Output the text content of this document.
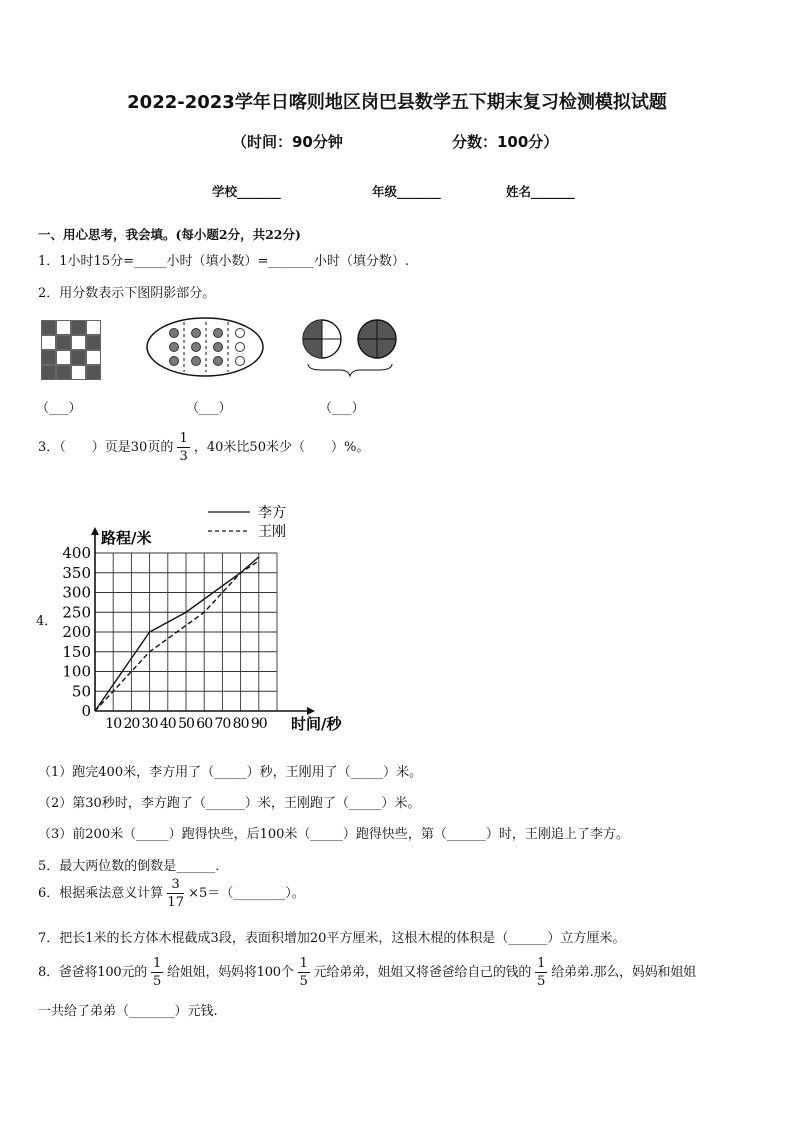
2022-2023学年日喀则地区岗巴县数学五下期末复习检测模拟试题
（时间：90分钟	分数：100分）
学校_______	年级_______	姓名_______
一、用心思考，我会填。(每小题2分，共22分)
1．1小时15分=_____小时（填小数）=_______小时（填分数）.
2．用分数表示下图阴影部分。
（___）	（___）	（___）
3．（　　）页是30页的 $\frac{1}{3}$ ，40米比50米少（　　）%。
4．
400
350
300
250
200
150
100
50
0
10 20 30 40 50 60 70 80 90 时间/秒
路程/米
李方
王刚
（1）跑完400米，李方用了（_____）秒，王刚用了（_____）米。
（2）第30秒时，李方跑了（______）米，王刚跑了（_____）米。
（3）前200米（_____）跑得快些，后100米（_____）跑得快些，第（______）时，王刚追上了李方。
5．最大两位数的倒数是______．
6．根据乘法意义计算 $\frac{3}{17}$ ×5＝（________）。
7．把长1米的长方体木棍截成3段，表面积增加20平方厘米，这根木棍的体积是（______）立方厘米。
8．爸爸将100元的 $\frac{1}{5}$ 给姐姐，妈妈将100个 $\frac{1}{5}$ 元给弟弟，姐姐又将爸爸给自己的钱的 $\frac{1}{5}$ 给弟弟.那么，妈妈和姐姐
一共给了弟弟（_______）元钱.
